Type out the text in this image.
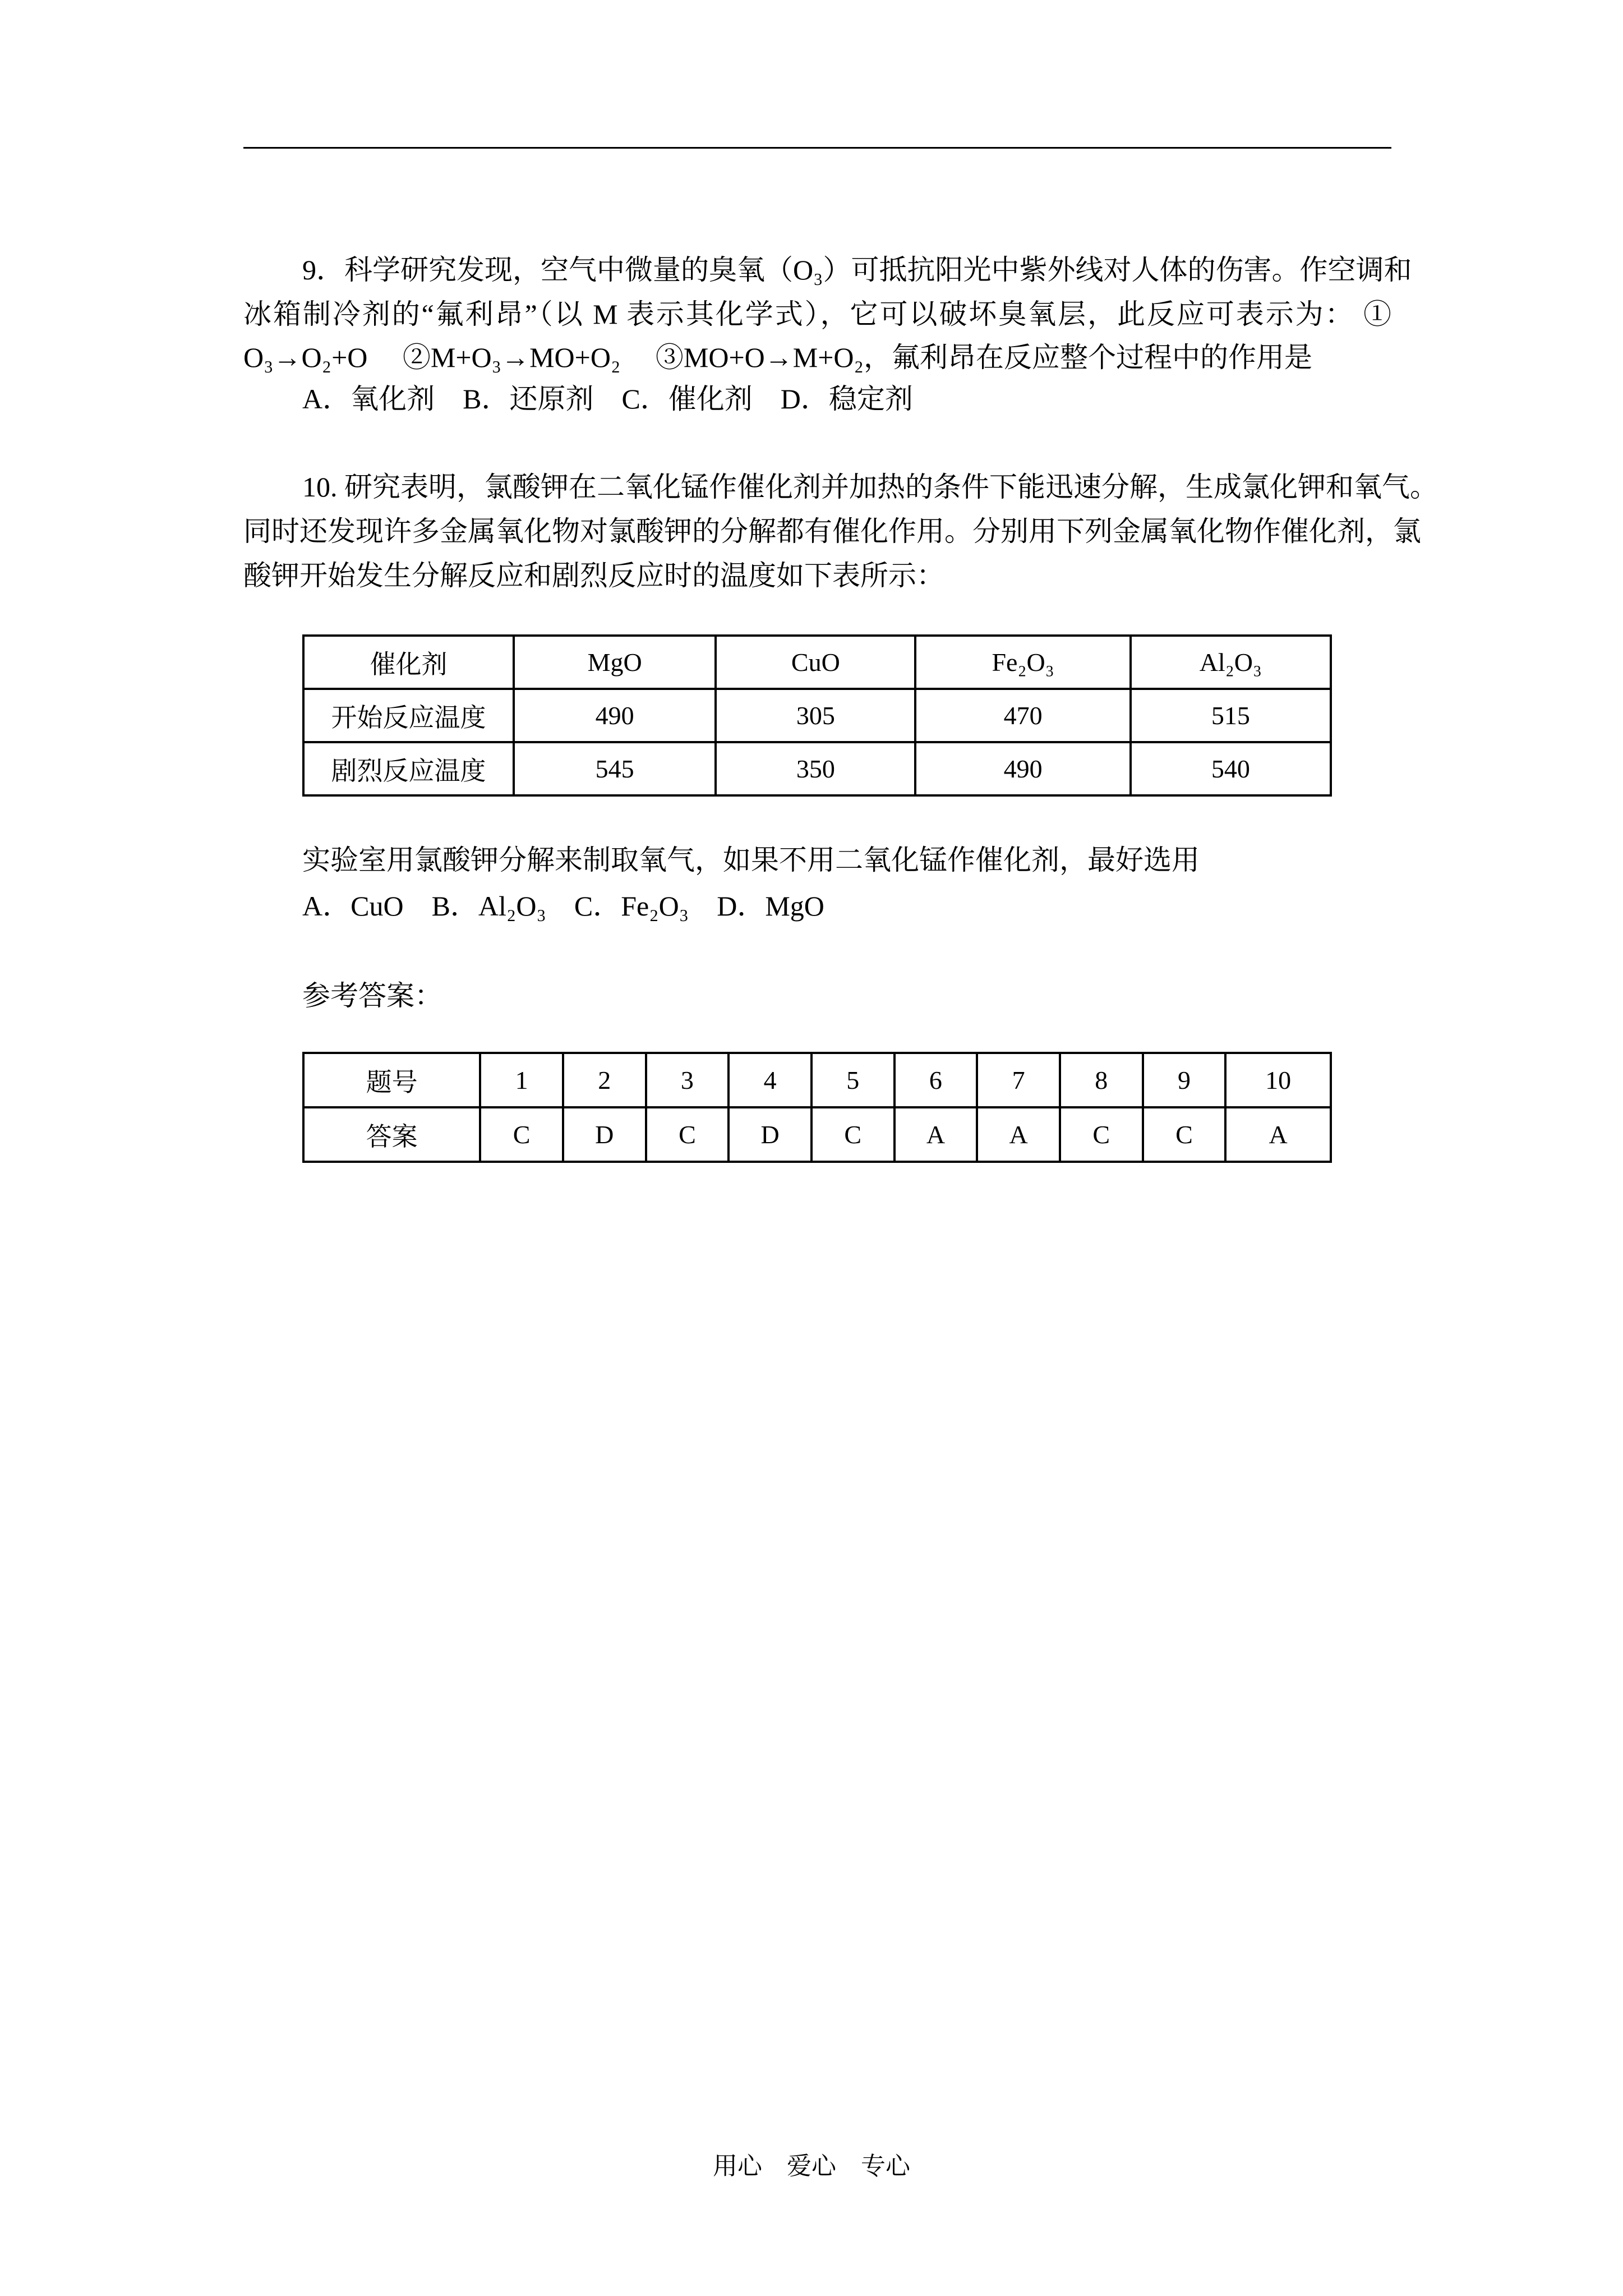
9．科学研究发现，空气中微量的臭氧（O₃）可抵抗阳光中紫外线对人体的伤害。作空调和
冰箱制冷剂的“氟利昂”（以 M 表示其化学式），它可以破坏臭氧层，此反应可表示为： ①
O₃→O₂+O　 ②M+O₃→MO+O₂　 ③MO+O→M+O₂，氟利昂在反应整个过程中的作用是
A．氧化剂　B．还原剂　C．催化剂　D．稳定剂
10. 研究表明，氯酸钾在二氧化锰作催化剂并加热的条件下能迅速分解，生成氯化钾和氧气。
同时还发现许多金属氧化物对氯酸钾的分解都有催化作用。分别用下列金属氧化物作催化剂，氯
酸钾开始发生分解反应和剧烈反应时的温度如下表所示：
催化剂	MgO	CuO	Fe₂O₃	Al₂O₃
开始反应温度	490	305	470	515
剧烈反应温度	545	350	490	540
实验室用氯酸钾分解来制取氧气，如果不用二氧化锰作催化剂，最好选用
A．CuO　B．Al₂O₃　C．Fe₂O₃　D．MgO
参考答案：
题号	1	2	3	4	5	6	7	8	9	10
答案	C	D	C	D	C	A	A	C	C	A
用心　爱心　专心
